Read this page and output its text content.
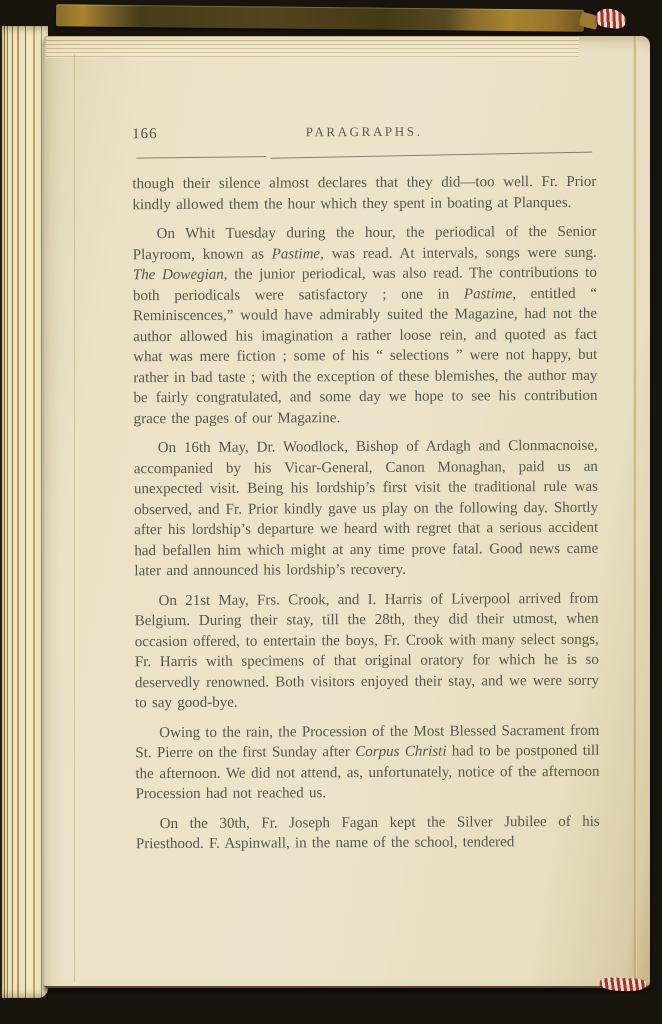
166	PARAGRAPHS.

though their silence almost declares that they did—too well. Fr. Prior kindly allowed them the hour which they spent in boating at Planques.

On Whit Tuesday during the hour, the periodical of the Senior Playroom, known as Pastime, was read. At intervals, songs were sung. The Dowegian, the junior periodical, was also read. The contributions to both periodicals were satisfactory ; one in Pastime, entitled “ Reminiscences,” would have admirably suited the Magazine, had not the author allowed his imagination a rather loose rein, and quoted as fact what was mere fiction ; some of his “ selections ” were not happy, but rather in bad taste ; with the exception of these blemishes, the author may be fairly congratulated, and some day we hope to see his contribution grace the pages of our Magazine.

On 16th May, Dr. Woodlock, Bishop of Ardagh and Clonmacnoise, accompanied by his Vicar-General, Canon Monaghan, paid us an unexpected visit. Being his lordship’s first visit the traditional rule was observed, and Fr. Prior kindly gave us play on the following day. Shortly after his lordship’s departure we heard with regret that a serious accident had befallen him which might at any time prove fatal. Good news came later and announced his lordship’s recovery.

On 21st May, Frs. Crook, and I. Harris of Liverpool arrived from Belgium. During their stay, till the 28th, they did their utmost, when occasion offered, to entertain the boys, Fr. Crook with many select songs, Fr. Harris with specimens of that original oratory for which he is so deservedly renowned. Both visitors enjoyed their stay, and we were sorry to say good-bye.

Owing to the rain, the Procession of the Most Blessed Sacrament from St. Pierre on the first Sunday after Corpus Christi had to be postponed till the afternoon. We did not attend, as, unfortunately, notice of the afternoon Procession had not reached us.

On the 30th, Fr. Joseph Fagan kept the Silver Jubilee of his Priesthood. F. Aspinwall, in the name of the school, tendered
